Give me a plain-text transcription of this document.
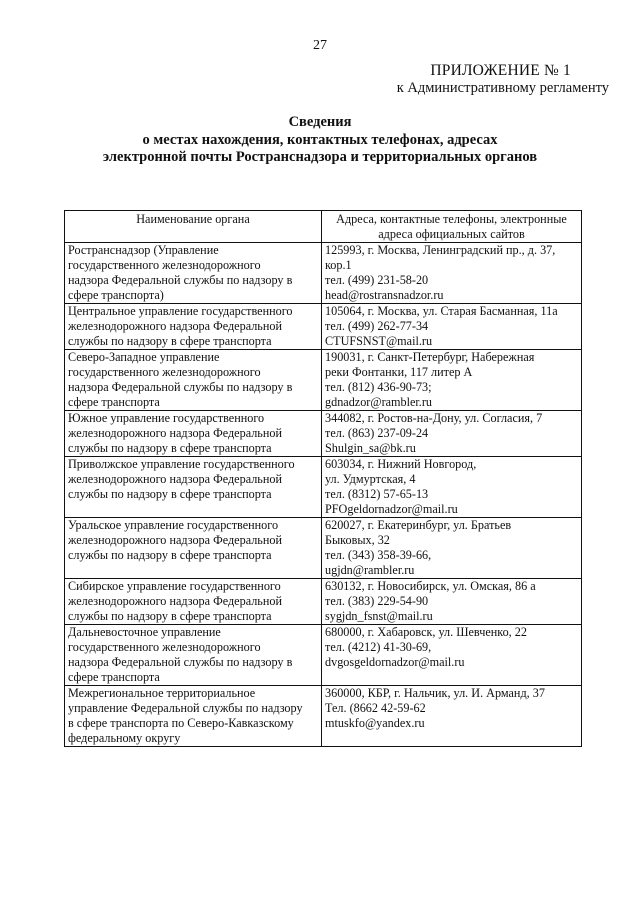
27
ПРИЛОЖЕНИЕ № 1
к Административному регламенту
Сведения
о местах нахождения, контактных телефонах, адресах
электронной почты Ространснадзора и территориальных органов
Наименование органа	Адреса, контактные телефоны, электронные
адреса официальных сайтов

Ространснадзор (Управление
государственного железнодорожного
надзора Федеральной службы по надзору в
сфере транспорта)	125993, г. Москва, Ленинградский пр., д. 37,
кор.1
тел. (499) 231-58-20
head@rostransnadzor.ru

Центральное управление государственного
железнодорожного надзора Федеральной
службы по надзору в сфере транспорта	105064, г. Москва, ул. Старая Басманная, 11а
тел. (499) 262-77-34
CTUFSNST@mail.ru

Северо-Западное управление
государственного железнодорожного
надзора Федеральной службы по надзору в
сфере транспорта	190031, г. Санкт-Петербург, Набережная
реки Фонтанки, 117 литер А
тел. (812) 436-90-73;
gdnadzor@rambler.ru

Южное управление государственного
железнодорожного надзора Федеральной
службы по надзору в сфере транспорта	344082, г. Ростов-на-Дону, ул. Согласия, 7
тел. (863) 237-09-24
Shulgin_sa@bk.ru

Приволжское управление государственного
железнодорожного надзора Федеральной
службы по надзору в сфере транспорта	603034, г. Нижний Новгород,
ул. Удмуртская, 4
тел. (8312) 57-65-13
PFOgeldornadzor@mail.ru

Уральское управление государственного
железнодорожного надзора Федеральной
службы по надзору в сфере транспорта	620027, г. Екатеринбург, ул. Братьев
Быковых, 32
тел. (343) 358-39-66,
ugjdn@rambler.ru

Сибирское управление государственного
железнодорожного надзора Федеральной
службы по надзору в сфере транспорта	630132, г. Новосибирск, ул. Омская, 86 а
тел. (383) 229-54-90
sygjdn_fsnst@mail.ru

Дальневосточное управление
государственного железнодорожного
надзора Федеральной службы по надзору в
сфере транспорта	680000, г. Хабаровск, ул. Шевченко, 22
тел. (4212) 41-30-69,
dvgosgeldornadzor@mail.ru

Межрегиональное территориальное
управление Федеральной службы по надзору
в сфере транспорта по Северо-Кавказскому
федеральному округу	360000, КБР, г. Нальчик, ул. И. Арманд, 37
Тел. (8662 42-59-62
mtuskfo@yandex.ru
